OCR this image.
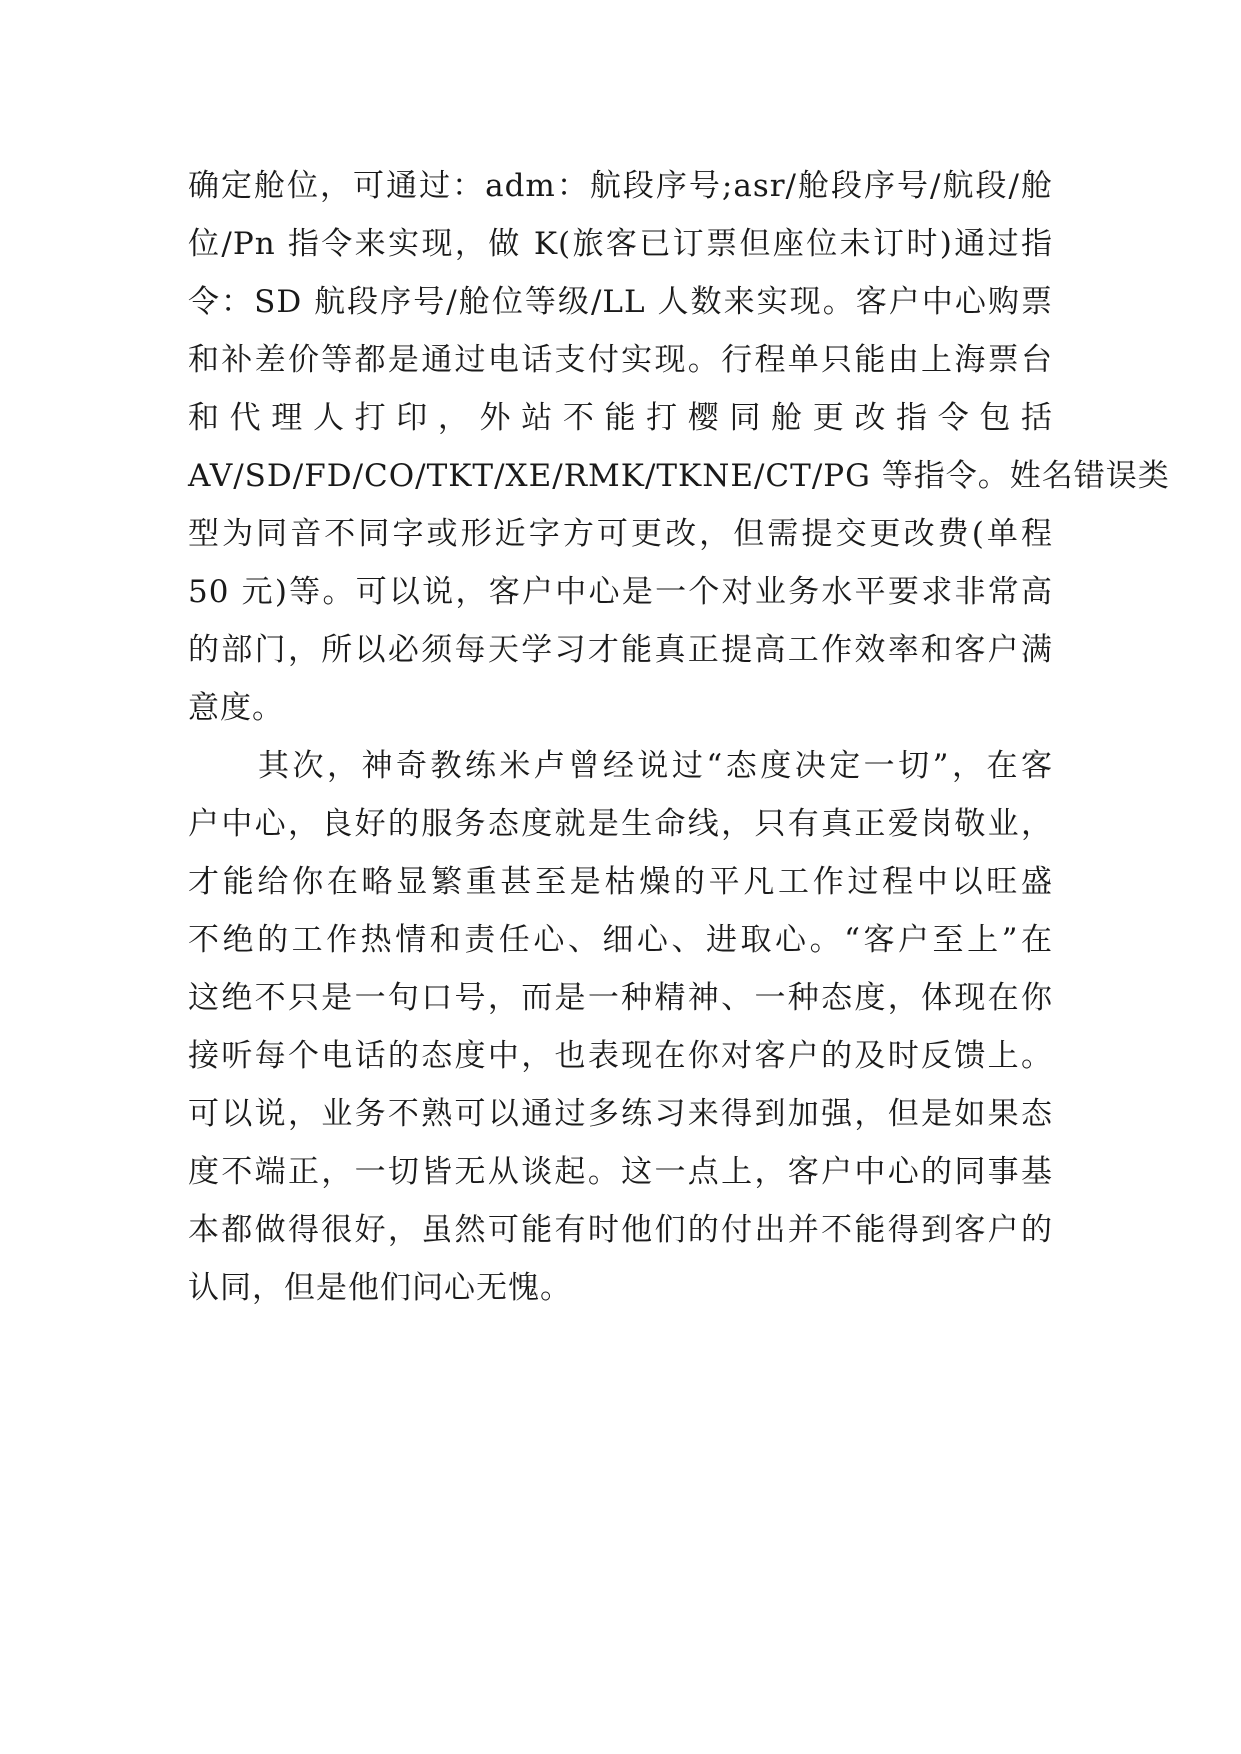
确定舱位，可通过：adm：航段序号;asr/舱段序号/航段/舱
位/Pn 指令来实现，做 K(旅客已订票但座位未订时)通过指
令：SD 航段序号/舱位等级/LL 人数来实现。客户中心购票
和补差价等都是通过电话支付实现。行程单只能由上海票台
和代理人打印，外站不能打樱同舱更改指令包括
AV/SD/FD/CO/TKT/XE/RMK/TKNE/CT/PG 等指令。姓名错误类
型为同音不同字或形近字方可更改，但需提交更改费(单程
50 元)等。可以说，客户中心是一个对业务水平要求非常高
的部门，所以必须每天学习才能真正提高工作效率和客户满
意度。
其次，神奇教练米卢曾经说过“态度决定一切”，在客
户中心，良好的服务态度就是生命线，只有真正爱岗敬业，
才能给你在略显繁重甚至是枯燥的平凡工作过程中以旺盛
不绝的工作热情和责任心、细心、进取心。“客户至上”在
这绝不只是一句口号，而是一种精神、一种态度，体现在你
接听每个电话的态度中，也表现在你对客户的及时反馈上。
可以说，业务不熟可以通过多练习来得到加强，但是如果态
度不端正，一切皆无从谈起。这一点上，客户中心的同事基
本都做得很好，虽然可能有时他们的付出并不能得到客户的
认同，但是他们问心无愧。
